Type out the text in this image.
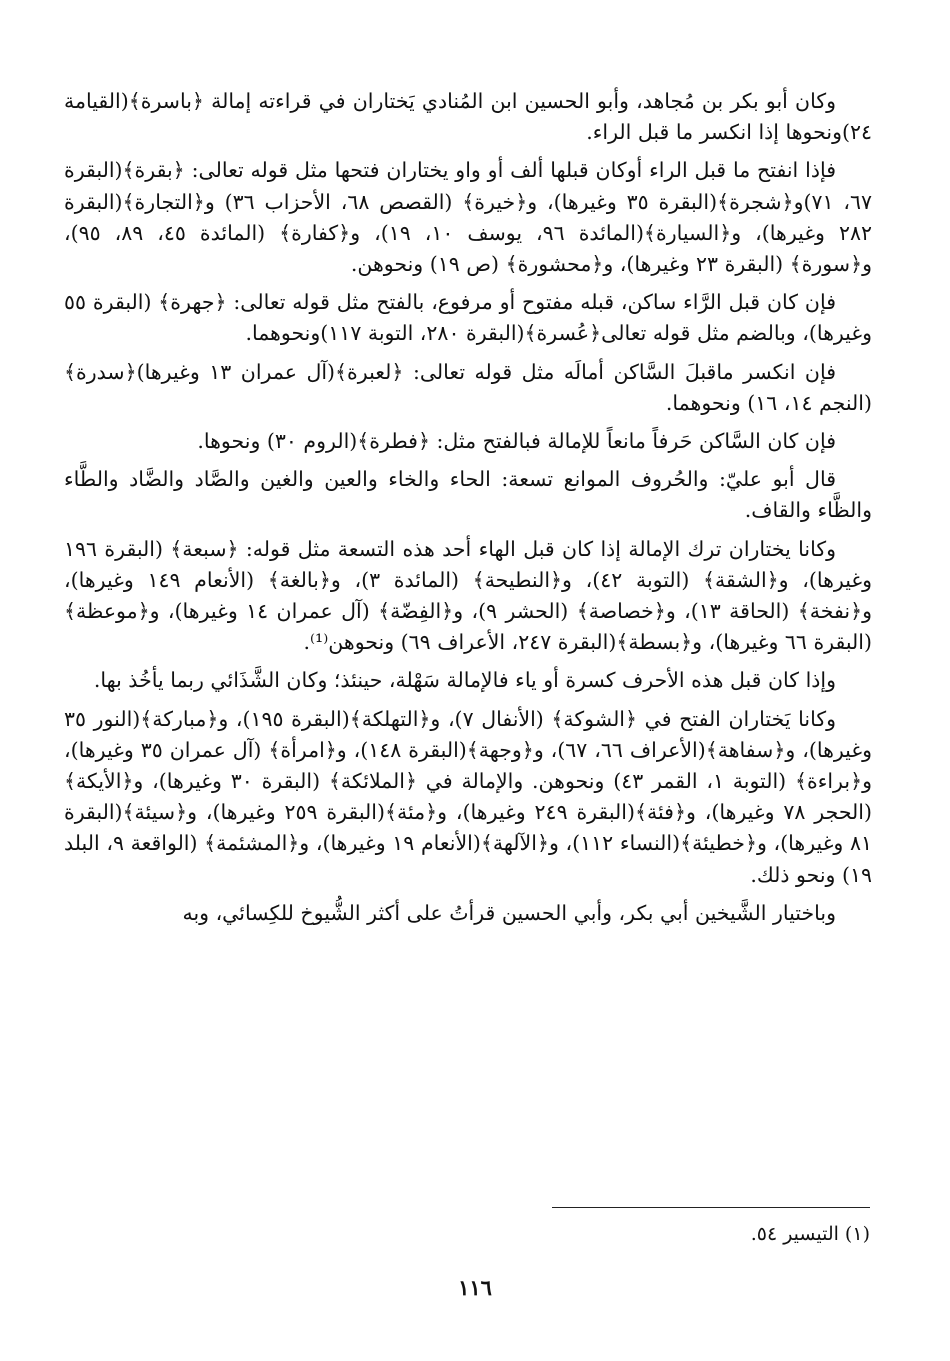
وكان أبو بكر بن مُجاهد، وأبو الحسين ابن المُنادي يَختاران في قراءته إمالة ﴿باسرة﴾(القيامة ٢٤)ونحوها إذا انكسر ما قبل الراء.

فإذا انفتح ما قبل الراء أوكان قبلها ألف أو واو يختاران فتحها مثل قوله تعالى: ﴿بقرة﴾(البقرة ٦٧، ٧١)و﴿شجرة﴾(البقرة ٣٥ وغيرها)، و﴿خيرة﴾ (القصص ٦٨، الأحزاب ٣٦) و﴿التجارة﴾(البقرة ٢٨٢ وغيرها)، و﴿السيارة﴾(المائدة ٩٦، يوسف ١٠، ١٩)، و﴿كفارة﴾ (المائدة ٤٥، ٨٩، ٩٥)، و﴿سورة﴾ (البقرة ٢٣ وغيرها)، و﴿محشورة﴾ (ص ١٩) ونحوهن.

فإن كان قبل الرَّاء ساكن، قبله مفتوح أو مرفوع، بالفتح مثل قوله تعالى: ﴿جهرة﴾ (البقرة ٥٥ وغيرها)، وبالضم مثل قوله تعالى﴿عُسرة﴾(البقرة ٢٨٠، التوبة ١١٧)ونحوهما.

فإن انكسر ماقبلَ السَّاكن أمالَه مثل قوله تعالى: ﴿لعبرة﴾(آل عمران ١٣ وغيرها)﴿سدرة﴾(النجم ١٤، ١٦) ونحوهما.

فإن كان السَّاكن حَرفاً مانعاً للإمالة فبالفتح مثل: ﴿فطرة﴾(الروم ٣٠) ونحوها.

قال أبو عليّ: والحُروف الموانع تسعة: الحاء والخاء والعين والغين والصَّاد والضَّاد والطَّاء والظَّاء والقاف.

وكانا يختاران ترك الإمالة إذا كان قبل الهاء أحد هذه التسعة مثل قوله: ﴿سبعة﴾ (البقرة ١٩٦ وغيرها)، و﴿الشقة﴾ (التوبة ٤٢)، و﴿النطيحة﴾ (المائدة ٣)، و﴿بالغة﴾ (الأنعام ١٤٩ وغيرها)، و﴿نفخة﴾ (الحاقة ١٣)، و﴿خصاصة﴾ (الحشر ٩)، و﴿الفِضّة﴾ (آل عمران ١٤ وغيرها)، و﴿موعظة﴾ (البقرة ٦٦ وغيرها)، و﴿بسطة﴾(البقرة ٢٤٧، الأعراف ٦٩) ونحوهن⁽¹⁾.

وإذا كان قبل هذه الأحرف كسرة أو ياء فالإمالة سَهْلة، حينئذ؛ وكان الشَّذَائي ربما يأخُذ بها.

وكانا يَختاران الفتح في ﴿الشوكة﴾ (الأنفال ٧)، و﴿التهلكة﴾(البقرة ١٩٥)، و﴿مباركة﴾(النور ٣٥ وغيرها)، و﴿سفاهة﴾(الأعراف ٦٦، ٦٧)، و﴿وجهة﴾(البقرة ١٤٨)، و﴿امرأة﴾ (آل عمران ٣٥ وغيرها)، و﴿براءة﴾ (التوبة ١، القمر ٤٣) ونحوهن. والإمالة في ﴿الملائكة﴾ (البقرة ٣٠ وغيرها)، و﴿الأيكة﴾(الحجر ٧٨ وغيرها)، و﴿فئة﴾(البقرة ٢٤٩ وغيرها)، و﴿مئة﴾(البقرة ٢٥٩ وغيرها)، و﴿سيئة﴾(البقرة ٨١ وغيرها)، و﴿خطيئة﴾(النساء ١١٢)، و﴿الآلهة﴾(الأنعام ١٩ وغيرها)، و﴿المشئمة﴾ (الواقعة ٩، البلد ١٩) ونحو ذلك.

وباختيار الشَّيخين أبي بكر، وأبي الحسين قرأتُ على أكثر الشُّيوخ للكِسائي، وبه

(١) التيسير ٥٤.
١١٦
